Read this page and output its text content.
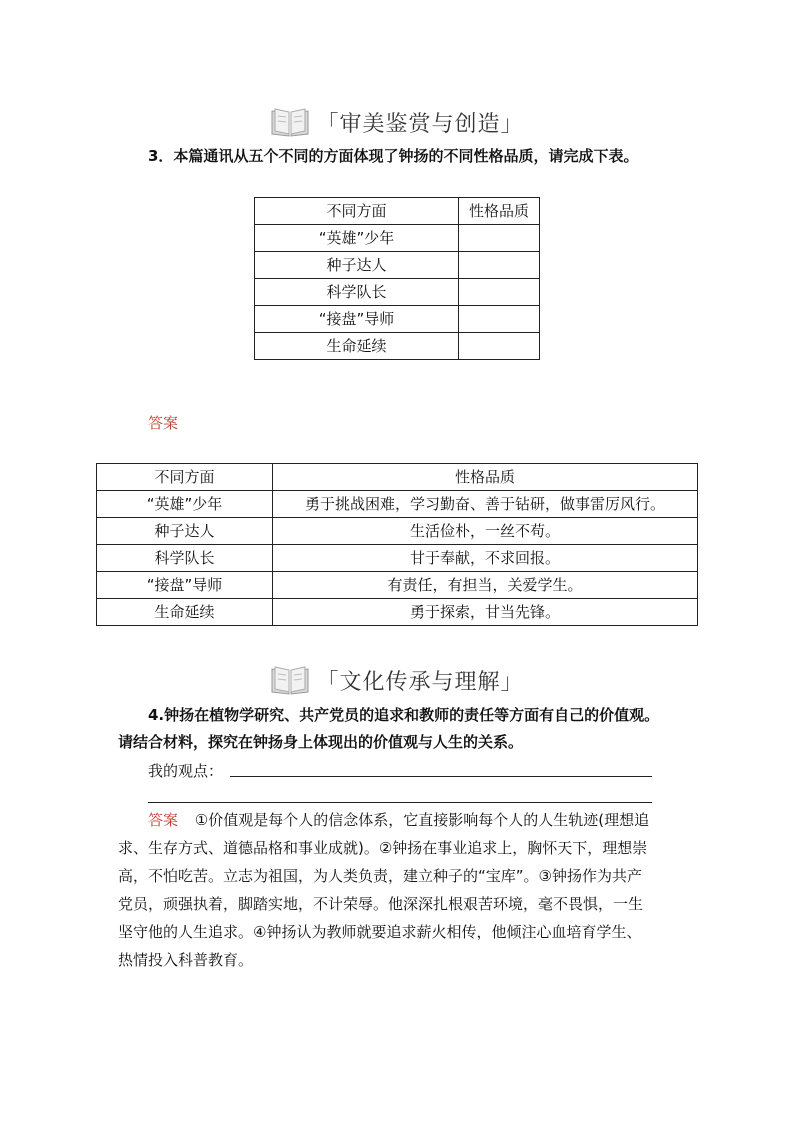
「审美鉴赏与创造」
3．本篇通讯从五个不同的方面体现了钟扬的不同性格品质，请完成下表。
不同方面	性格品质
“英雄”少年	
种子达人	
科学队长	
“接盘”导师	
生命延续	
答案
不同方面	性格品质
“英雄”少年	勇于挑战困难，学习勤奋、善于钻研，做事雷厉风行。
种子达人	生活俭朴，一丝不苟。
科学队长	甘于奉献，不求回报。
“接盘”导师	有责任，有担当，关爱学生。
生命延续	勇于探索，甘当先锋。
「文化传承与理解」
4.钟扬在植物学研究、共产党员的追求和教师的责任等方面有自己的价值观。
请结合材料，探究在钟扬身上体现出的价值观与人生的关系。
我的观点：
答案 ①价值观是每个人的信念体系，它直接影响每个人的人生轨迹(理想追
求、生存方式、道德品格和事业成就)。②钟扬在事业追求上，胸怀天下，理想崇
高，不怕吃苦。立志为祖国，为人类负责，建立种子的“宝库”。③钟扬作为共产
党员，顽强执着，脚踏实地，不计荣辱。他深深扎根艰苦环境，毫不畏惧，一生
坚守他的人生追求。④钟扬认为教师就要追求薪火相传，他倾注心血培育学生、
热情投入科普教育。
